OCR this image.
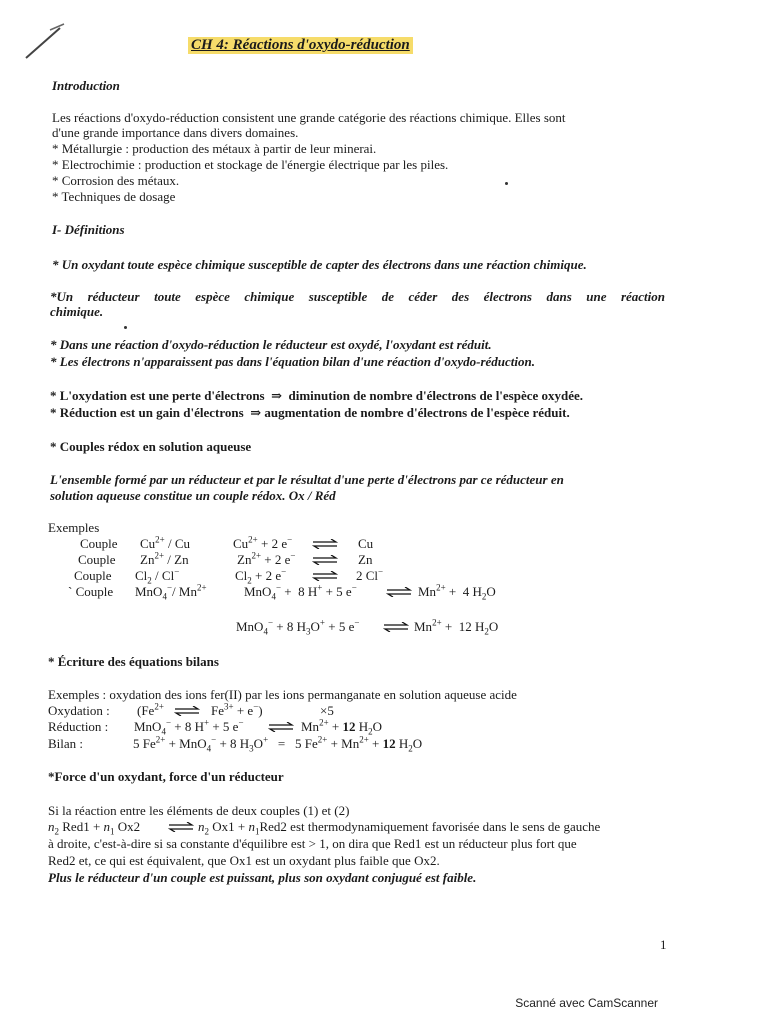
CH 4: Réactions d'oxydo-réduction
Introduction
Les réactions d'oxydo-réduction consistent une grande catégorie des réactions chimique. Elles sont
d'une grande importance dans divers domaines.
* Métallurgie : production des métaux à partir de leur minerai.
* Electrochimie : production et stockage de l'énergie électrique par les piles.
* Corrosion des métaux.
* Techniques de dosage
I- Définitions
* Un oxydant toute espèce chimique susceptible de capter des électrons dans une réaction chimique.
*Un réducteur toute espèce chimique susceptible de céder des électrons dans une réaction
chimique.
* Dans une réaction d'oxydo-réduction le réducteur est oxydé, l'oxydant est réduit.
* Les électrons n'apparaissent pas dans l'équation bilan d'une réaction d'oxydo-réduction.
* L'oxydation est une perte d'électrons  ⇒  diminution de nombre d'électrons de l'espèce oxydée.
* Réduction est un gain d'électrons  ⇒ augmentation de nombre d'électrons de l'espèce réduit.
* Couples rédox en solution aqueuse
L'ensemble formé par un réducteur et par le résultat d'une perte d'électrons par ce réducteur en
solution aqueuse constitue un couple rédox. Ox / Réd
Exemples
Couple $Cu^{2+}$ / Cu	$Cu^{2+} + 2$ e− ⇌ Cu
Couple $Zn^{2+}$ / Zn	$Zn^{2+} + 2$ e− ⇌ Zn
Couple $Cl_2 / Cl^-$	$Cl_2 + 2$ e− ⇌ 2 Cl−
` Couple MnO$_4$−/ $Mn^{2+}$	MnO$_4$− +  8 H+ + 5 e− ⇌ $Mn^{2+} + 4$ $H_2O$
MnO$_4$− + 8 $H_3O^+ + 5$ e− ⇌ $Mn^{2+} + 12$ $H_2O$
* Écriture des équations bilans
Exemples : oxydation des ions fer(II) par les ions permanganate en solution aqueuse acide
Oxydation : ($Fe^{2+}$ ⇌ $Fe^{3+} + e^-$)	×5
Réduction : MnO$_4$− + 8 H+ + 5 e− ⇌ $Mn^{2+} + 12$ $H_2O$
Bilan :	5 $Fe^{2+} + MnO_4^- + 8$ $H_3O^+ = 5$ $Fe^{2+} + Mn^{2+} + 12$ $H_2O$
*Force d'un oxydant, force d'un réducteur
Si la réaction entre les éléments de deux couples (1) et (2)
$n_2$ $Red1 + n_1$ Ox2 ⇌ $n_2$ $Ox1 + n_1Red2$ est thermodynamiquement favorisée dans le sens de gauche
à droite, c'est-à-dire si sa constante d'équilibre est > 1, on dira que Red1 est un réducteur plus fort que
Red2 et, ce qui est équivalent, que Ox1 est un oxydant plus faible que Ox2.
Plus le réducteur d'un couple est puissant, plus son oxydant conjugué est faible.
1
Scanné avec CamScanner
